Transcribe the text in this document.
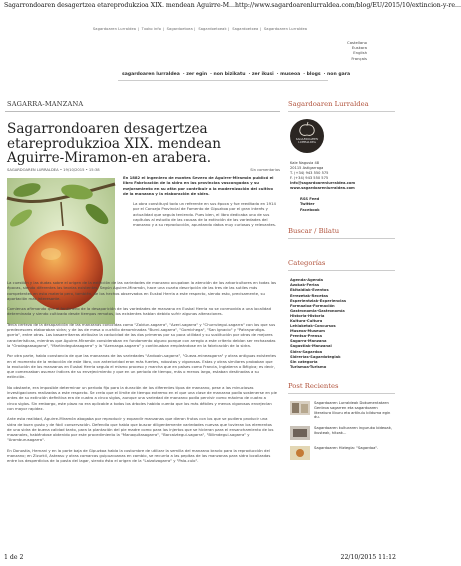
Sagarrondoaren desagertzea etareprodukzioa XIX. mendean Aguirre-M... http://www.sagardoarenlurraldea.com/blog/EU/2015/10/extincion-y-re...
Sagardoaren Lurraldea | Txoko info | Sagardoetxea | Sagardoetxeak | Sagardoetxea | Sagardoaren Lurraldea
Castellano
Euskara
English
Français
sagardoaren lurraldea · zer egin · non bizikatu · zer ikusi · museoa · blogs · non gara
SAGARRA-MANZANA
Sagarrondoaren desagertzea etareprodukzioa XIX. mendean Aguirre-Miramon-en arabera.
SAGARDOAREN LURRALDEA • 19/10/2015 • 15:38	Sin comentarios

En 1882 el ingeniero de montes Severo de Aguirre-Miramón publicó el libro Fabricación de la sidra en las provincias vascongadas y su mejoramiento en su afán por contribuir a la modernización del cultivo de la manzana y la elaboración de sidra.

La obra constituyó todo un referente en sus época y fue reeditada en 1914 por el Consejo Provincial de Fomento de Gipuzkoa por el gran interés y actualidad que seguía teniendo. Pues bien, el libro dedicaba uno de sus capítulos al estudio de las causas de la extinción de las variedades del manzano y a su reproducción, apuntando datos muy curiosos y relevantes.

La cuestión y las dudas sobre el origen de la extinción de las variedades de manzano ocupaban la atención de los arboricultores en todas las épocas, siendo diferentes las teorías existentes. Según Aguirre-Miramón, hace una cuarta descripción de las tres de las sutiles más competentes en esta materia pero, también, de los hechos observados en Euskal Herria a este respecto, siendo esto, precisamente, su aportación más interesante.

Comienza afirmando que el fenómeno de la desaparición de las variedades de manzano en Euskal Herria no se conmovida a una localidad determinada y siendo cultivado desde tiempos remotos, los existentes habían debido sufrir algunas alteraciones.

Tenía certeza de la desaparición de las manzanas conocidas como "Zaldun-sagarra", "Azeri-sagarra" y "Churrutegui-sagarra" con los que sus predecesores elaboraban sidra; y de las de mesa o cuchillo denominadas "Burni-sagarra", "Gomichega", "San Ignacio" y "Patrayandiga-gorria", entre otras. Los basaerritarras atribuían la caducidad de las dos primeras por su poca utilidad y su sustitución por otras de mejores características, mientras que Aguirre-Miramón consideraban en fundamento alguno porque con arreglo a este criterio debían ser rechazadas la "Orodagaasagarra", "Martindegutasagarra" y la "Azenzaga-sagarra" y continuaban empleándose en la fabricación de la sidra.

Por otra parte, había constancia de que las manzanas de las variedades "Andoain-sagarra", "Gueza-mineasgarra" y otras antiguas existentes en el momento de la redacción de este libro, con anterioridad eran más fuertes, robustas y vigorosas. Estas y otras similares probaban que la evolución de los manzanos en Euskal Herria seguía el mismo proceso y marcha que en países como Francia, Inglaterra o Bélgica; es decir, que comenzaban asumar índices de su envejecimiento y que en un periodo de tiempo, más o menos largo, estaban destinadas a su extinción.

No obstante, era imposible determinar un período fijo para la duración de los diferentes tipos de manzano, pese a las minuciosas investigaciones realizadas a este respecto. Se creía que el límite de tiempo extremo en el que una clase de manzana podía sostenerse en pie antes de su extinción definitiva era de cuatro a cinco siglos, aunque una variedad de manzano podía pervivir como máximo de cuatro a cinco siglos. Sin embargo, este plazo no era aplicable a todos los árboles habida cuenta que los más débiles y menos vigorosos envejecían con mayor rapidez.

Ante esta realidad, Aguirre-Miramón abogaba por reproducir y expandir manzanas que dieran frutos con los que se pudiera producir una sidra de buen gusto y de fácil conservación. Defendía que había que buscar diligentemente variedades nuevas que tuvieran los elementos de una sidra de buena calidad tanto, para la plantación del pie madre como para los injertos que se hicieran para el ensanchamiento de los mazanales, habiéndose obtenido por este procedimiento la "Manaquitasagarra", "Barcaiztegui-sagarra", "Bilimdegui-sagarra" y "Aramburusagarra".

En Donostia, Hernani y en la parte baja de Gipuzkoa había la costumbre de utilizar la semilla del manzano bravío para la reproducción del manzano; en Zizurkil, Asteasu y otras comarcas guipuzcoanas en cambio, se recurría a las pepitas de las manzanas para sidra localizadas entre los desperdicios de la pasta del lagar, siendo ésta el origen de la "Laizotzagarra" y "Pala-culo".

Sagardoaren Lurraldea
SAGARDOAREN LURRALDEA
Kale Nagusia 48
20115 Astigarraga
T. (+34) 943 550 575
F. (+34) 943 550 575
info@sagardoarenlurraldea.com
www.sagardoarenlurraldea.com
RSS Feed
Twitter
Facebook
Buscar / Bilatu
Categorías
Agenda-Agenda
Azokak-Ferias
Ekitaldiak-Eventos
Errezetak-Recetas
Esperientziak-Experiencias
Formazioa-Formación
Gastronomia-Gastronomía
Historia-Historia
Kultura-Cultura
Lehiaketak-Concursos
Museoa-Museum
Prentsa-Prensa
Sagarra-Manzana
Sagastiak-Manzanal
Sidra-Sagardoa
Sidrerías-Sagardotegiak
Sin categoría
Turismoa-Turismo
Post Recientes
Sagardoaren Lurraldeak Dokumentatzen Gentroa sagarren eta sagardoaren literatura liburu eta artikulu bilduma egin du.
Sagardoaren kulturaren inguruko bideoak, ikusteak, hitzak...
Sagardoaren Hiztegia: "Sagardoa".
1 de 2	22/10/2015 11:12
